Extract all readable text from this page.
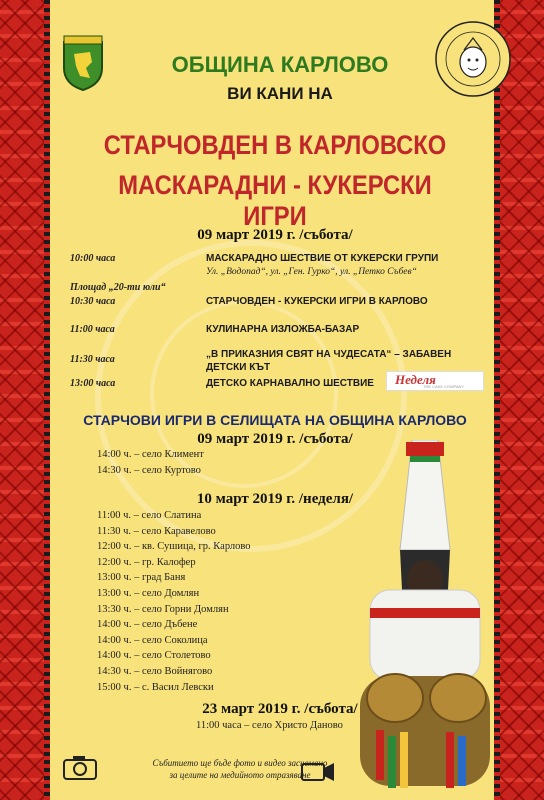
ОБЩИНА КАРЛОВО
ВИ КАНИ НА
СТАРЧОВДЕН В КАРЛОВСКО
МАСКАРАДНИ - КУКЕРСКИ ИГРИ
09 март 2019 г. /събота/
10:00 часа	МАСКАРАДНО ШЕСТВИЕ ОТ КУКЕРСКИ ГРУПИ
Ул. „Водопад“, ул. „Ген. Гурко“, ул. „Петко Събев“
Площад „20-ти юли“
10:30 часа	СТАРЧОВДЕН - КУКЕРСКИ ИГРИ В КАРЛОВО
11:00 часа	КУЛИНАРНА ИЗЛОЖБА-БАЗАР
11:30 часа	„В ПРИКАЗНИЯ СВЯТ НА ЧУДЕСАТА“ – ЗАБАВЕН
ДЕТСКИ КЪТ
13:00 часа	ДЕТСКО КАРНАВАЛНО ШЕСТВИЕ Неделя
THE CAKE COMPANY
СТАРЧОВИ ИГРИ В СЕЛИЩАТА НА ОБЩИНА КАРЛОВО
09 март 2019 г. /събота/
14:00 ч. – село Климент
14:30 ч. – село Куртово
10 март 2019 г. /неделя/
11:00 ч. – село Слатина
11:30 ч. – село Каравелово
12:00 ч. – кв. Сушица, гр. Карлово
12:00 ч. – гр. Калофер
13:00 ч. – град Баня
13:00 ч. – село Домлян
13:30 ч. – село Горни Домлян
14:00 ч. – село Дъбене
14:00 ч. – село Соколица
14:00 ч. – село Столетово
14:30 ч. – село Войнягово
15:00 ч. – с. Васил Левски
23 март 2019 г. /събота/
11:00 часа – село Христо Даново
Събитието ще бъде фото и видео заснемано
за целите на медийното отразяване
